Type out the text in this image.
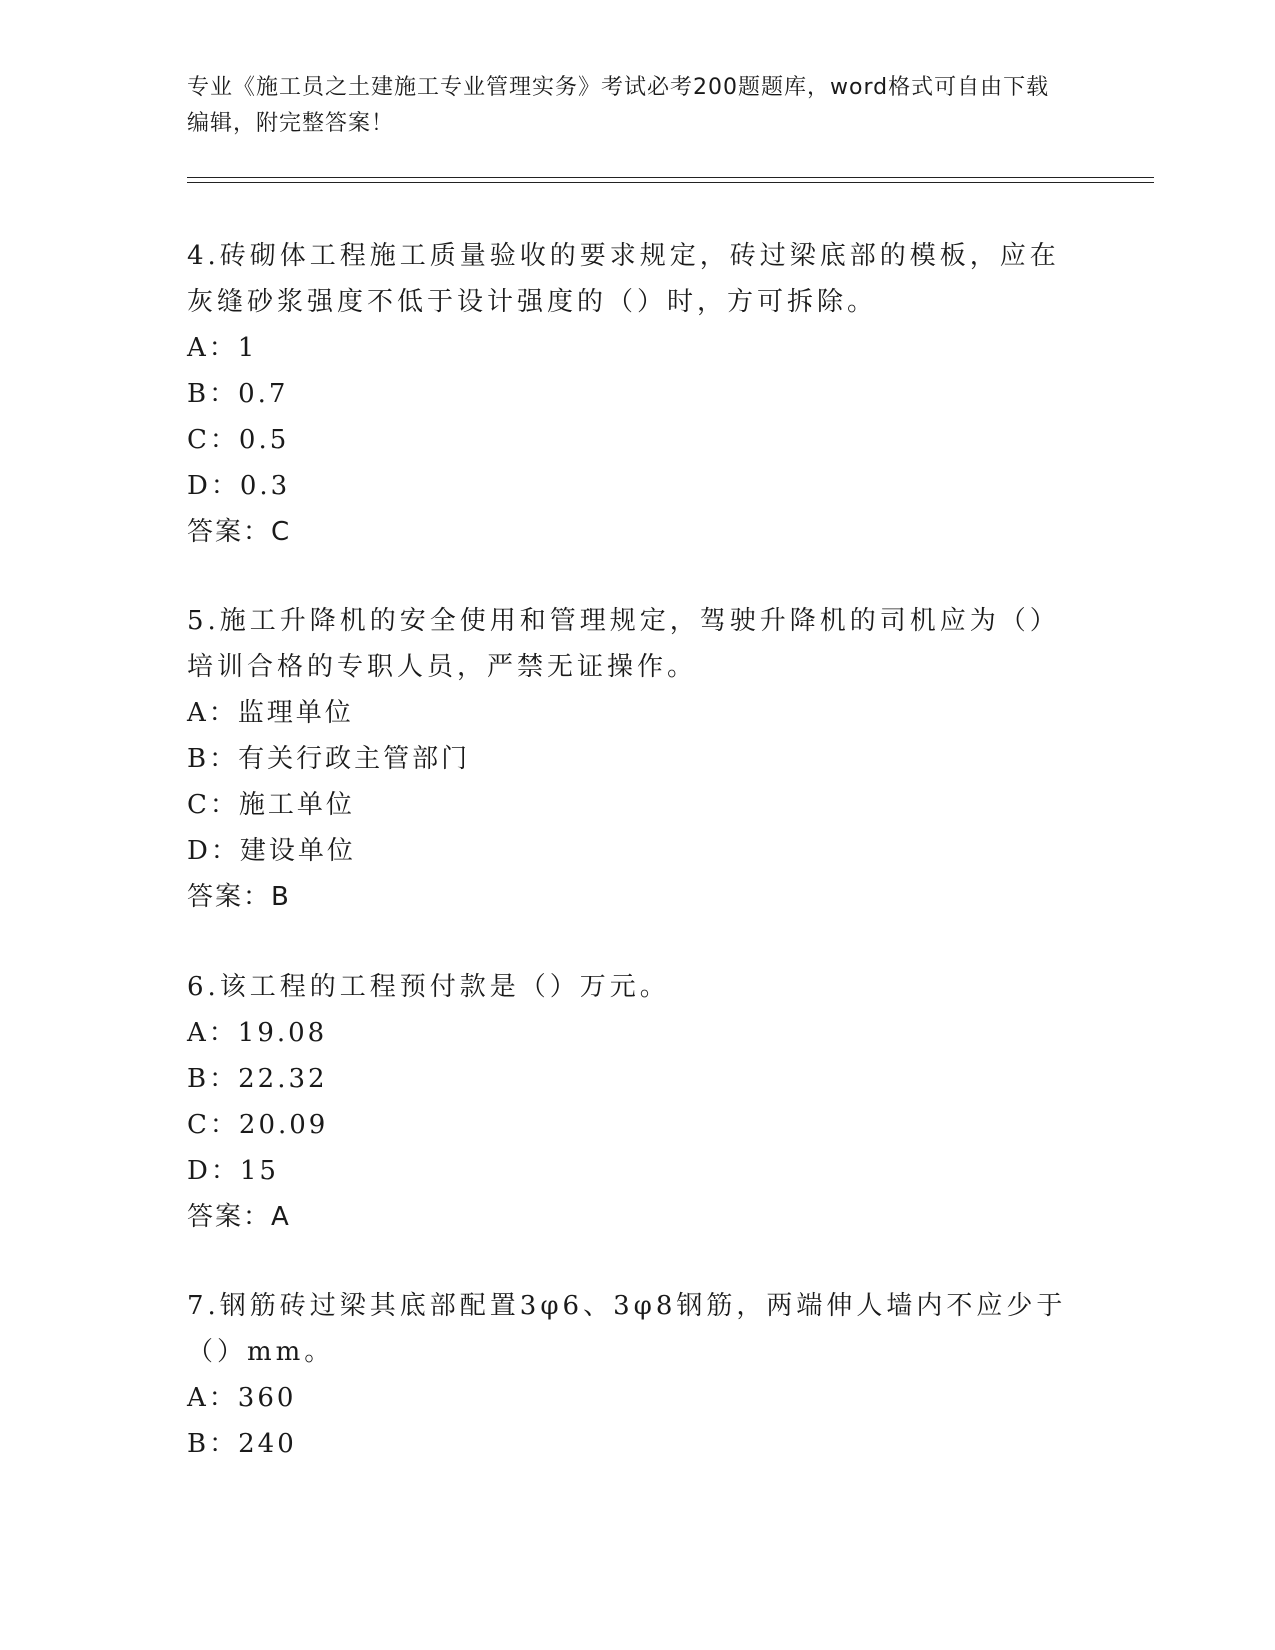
专业《施工员之土建施工专业管理实务》考试必考200题题库，word格式可自由下载编辑，附完整答案！

4.砖砌体工程施工质量验收的要求规定，砖过梁底部的模板，应在灰缝砂浆强度不低于设计强度的（）时，方可拆除。

A：1

B：0.7

C：0.5

D：0.3

答案：C

5.施工升降机的安全使用和管理规定，驾驶升降机的司机应为（）培训合格的专职人员，严禁无证操作。

A：监理单位

B：有关行政主管部门

C：施工单位

D：建设单位

答案：B

6.该工程的工程预付款是（）万元。

A：19.08

B：22.32

C：20.09

D：15

答案：A

7.钢筋砖过梁其底部配置3φ6、3φ8钢筋，两端伸人墙内不应少于（）mm。

A：360

B：240
